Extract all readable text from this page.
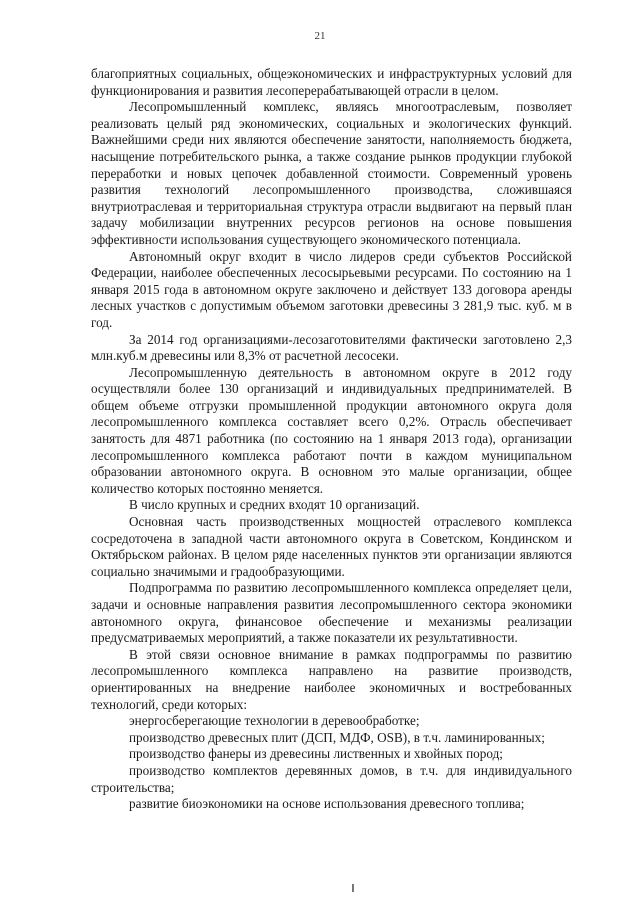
21

благоприятных социальных, общеэкономических и инфраструктурных условий для функционирования и развития лесоперерабатывающей отрасли в целом.

Лесопромышленный комплекс, являясь многоотраслевым, позволяет реализовать целый ряд экономических, социальных и экологических функций. Важнейшими среди них являются обеспечение занятости, наполняемость бюджета, насыщение потребительского рынка, а также создание рынков продукции глубокой переработки и новых цепочек добавленной стоимости. Современный уровень развития технологий лесопромышленного производства, сложившаяся внутриотраслевая и территориальная структура отрасли выдвигают на первый план задачу мобилизации внутренних ресурсов регионов на основе повышения эффективности использования существующего экономического потенциала.

Автономный округ входит в число лидеров среди субъектов Российской Федерации, наиболее обеспеченных лесосырьевыми ресурсами. По состоянию на 1 января 2015 года в автономном округе заключено и действует 133 договора аренды лесных участков с допустимым объемом заготовки древесины 3 281,9 тыс. куб. м в год.

За 2014 год организациями-лесозаготовителями фактически заготовлено 2,3 млн.куб.м древесины или 8,3% от расчетной лесосеки.

Лесопромышленную деятельность в автономном округе в 2012 году осуществляли более 130 организаций и индивидуальных предпринимателей. В общем объеме отгрузки промышленной продукции автономного округа доля лесопромышленного комплекса составляет всего 0,2%. Отрасль обеспечивает занятость для 4871 работника (по состоянию на 1 января 2013 года), организации лесопромышленного комплекса работают почти в каждом муниципальном образовании автономного округа. В основном это малые организации, общее количество которых постоянно меняется.

В число крупных и средних входят 10 организаций.

Основная часть производственных мощностей отраслевого комплекса сосредоточена в западной части автономного округа в Советском, Кондинском и Октябрьском районах. В целом ряде населенных пунктов эти организации являются социально значимыми и градообразующими.

Подпрограмма по развитию лесопромышленного комплекса определяет цели, задачи и основные направления развития лесопромышленного сектора экономики автономного округа, финансовое обеспечение и механизмы реализации предусматриваемых мероприятий, а также показатели их результативности.

В этой связи основное внимание в рамках подпрограммы по развитию лесопромышленного комплекса направлено на развитие производств, ориентированных на внедрение наиболее экономичных и востребованных технологий, среди которых:

энергосберегающие технологии в деревообработке;

производство древесных плит (ДСП, МДФ, OSB), в т.ч. ламинированных;

производство фанеры из древесины лиственных и хвойных пород;

производство комплектов деревянных домов, в т.ч. для индивидуального строительства;

развитие биоэкономики на основе использования древесного топлива;
